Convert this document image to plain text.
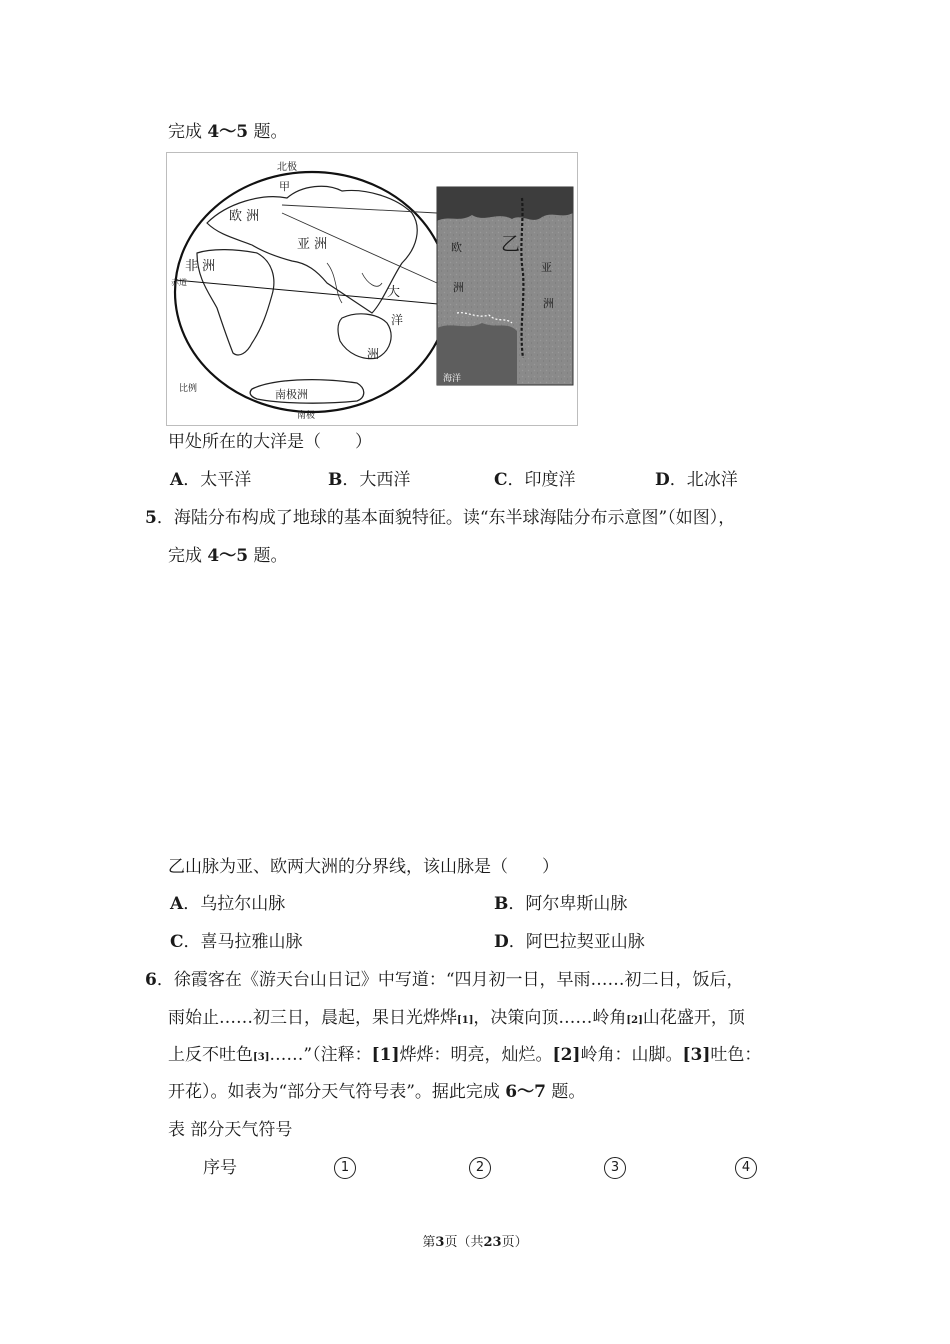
完成 4～5 题。
北极
甲
欧 洲
亚 洲
非 洲
赤道
大
洋
洲
南极洲
南极
比例
乙
欧
洲
亚
洲
海洋
甲处所在的大洋是（　　）
A．太平洋	B．大西洋	C．印度洋	D．北冰洋
5．海陆分布构成了地球的基本面貌特征。读“东半球海陆分布示意图”（如图），
完成 4～5 题。
乙山脉为亚、欧两大洲的分界线，该山脉是（　　）
A．乌拉尔山脉	B．阿尔卑斯山脉
C．喜马拉雅山脉	D．阿巴拉契亚山脉
6．徐霞客在《游天台山日记》中写道：“四月初一日，早雨……初二日，饭后，
雨始止……初三日，晨起，果日光烨烨[1]，决策向顶……岭角[2]山花盛开，顶
上反不吐色[3]……”（注释：[1]烨烨：明亮，灿烂。[2]岭角：山脚。[3]吐色：
开花）。如表为“部分天气符号表”。据此完成 6～7 题。
表 部分天气符号
序号	1	2	3	4
第3页（共23页）
